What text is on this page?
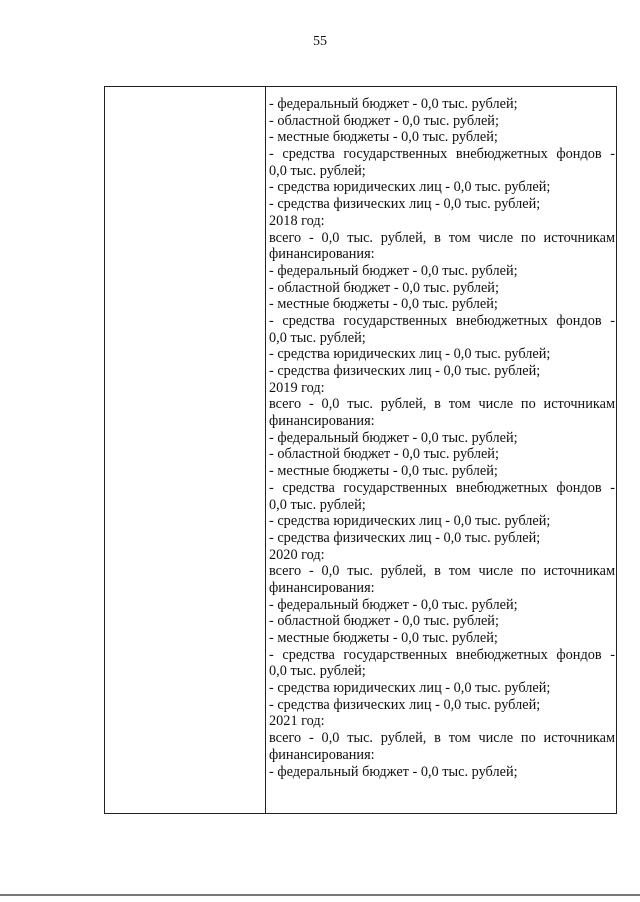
55
- федеральный бюджет - 0,0 тыс. рублей;
- областной бюджет - 0,0 тыс. рублей;
- местные бюджеты - 0,0 тыс. рублей;
- средства государственных внебюджетных фондов -
0,0 тыс. рублей;
- средства юридических лиц - 0,0 тыс. рублей;
- средства физических лиц - 0,0 тыс. рублей;
2018 год:
всего - 0,0 тыс. рублей, в том числе по источникам
финансирования:
- федеральный бюджет - 0,0 тыс. рублей;
- областной бюджет - 0,0 тыс. рублей;
- местные бюджеты - 0,0 тыс. рублей;
- средства государственных внебюджетных фондов -
0,0 тыс. рублей;
- средства юридических лиц - 0,0 тыс. рублей;
- средства физических лиц - 0,0 тыс. рублей;
2019 год:
всего - 0,0 тыс. рублей, в том числе по источникам
финансирования:
- федеральный бюджет - 0,0 тыс. рублей;
- областной бюджет - 0,0 тыс. рублей;
- местные бюджеты - 0,0 тыс. рублей;
- средства государственных внебюджетных фондов -
0,0 тыс. рублей;
- средства юридических лиц - 0,0 тыс. рублей;
- средства физических лиц - 0,0 тыс. рублей;
2020 год:
всего - 0,0 тыс. рублей, в том числе по источникам
финансирования:
- федеральный бюджет - 0,0 тыс. рублей;
- областной бюджет - 0,0 тыс. рублей;
- местные бюджеты - 0,0 тыс. рублей;
- средства государственных внебюджетных фондов -
0,0 тыс. рублей;
- средства юридических лиц - 0,0 тыс. рублей;
- средства физических лиц - 0,0 тыс. рублей;
2021 год:
всего - 0,0 тыс. рублей, в том числе по источникам
финансирования:
- федеральный бюджет - 0,0 тыс. рублей;
